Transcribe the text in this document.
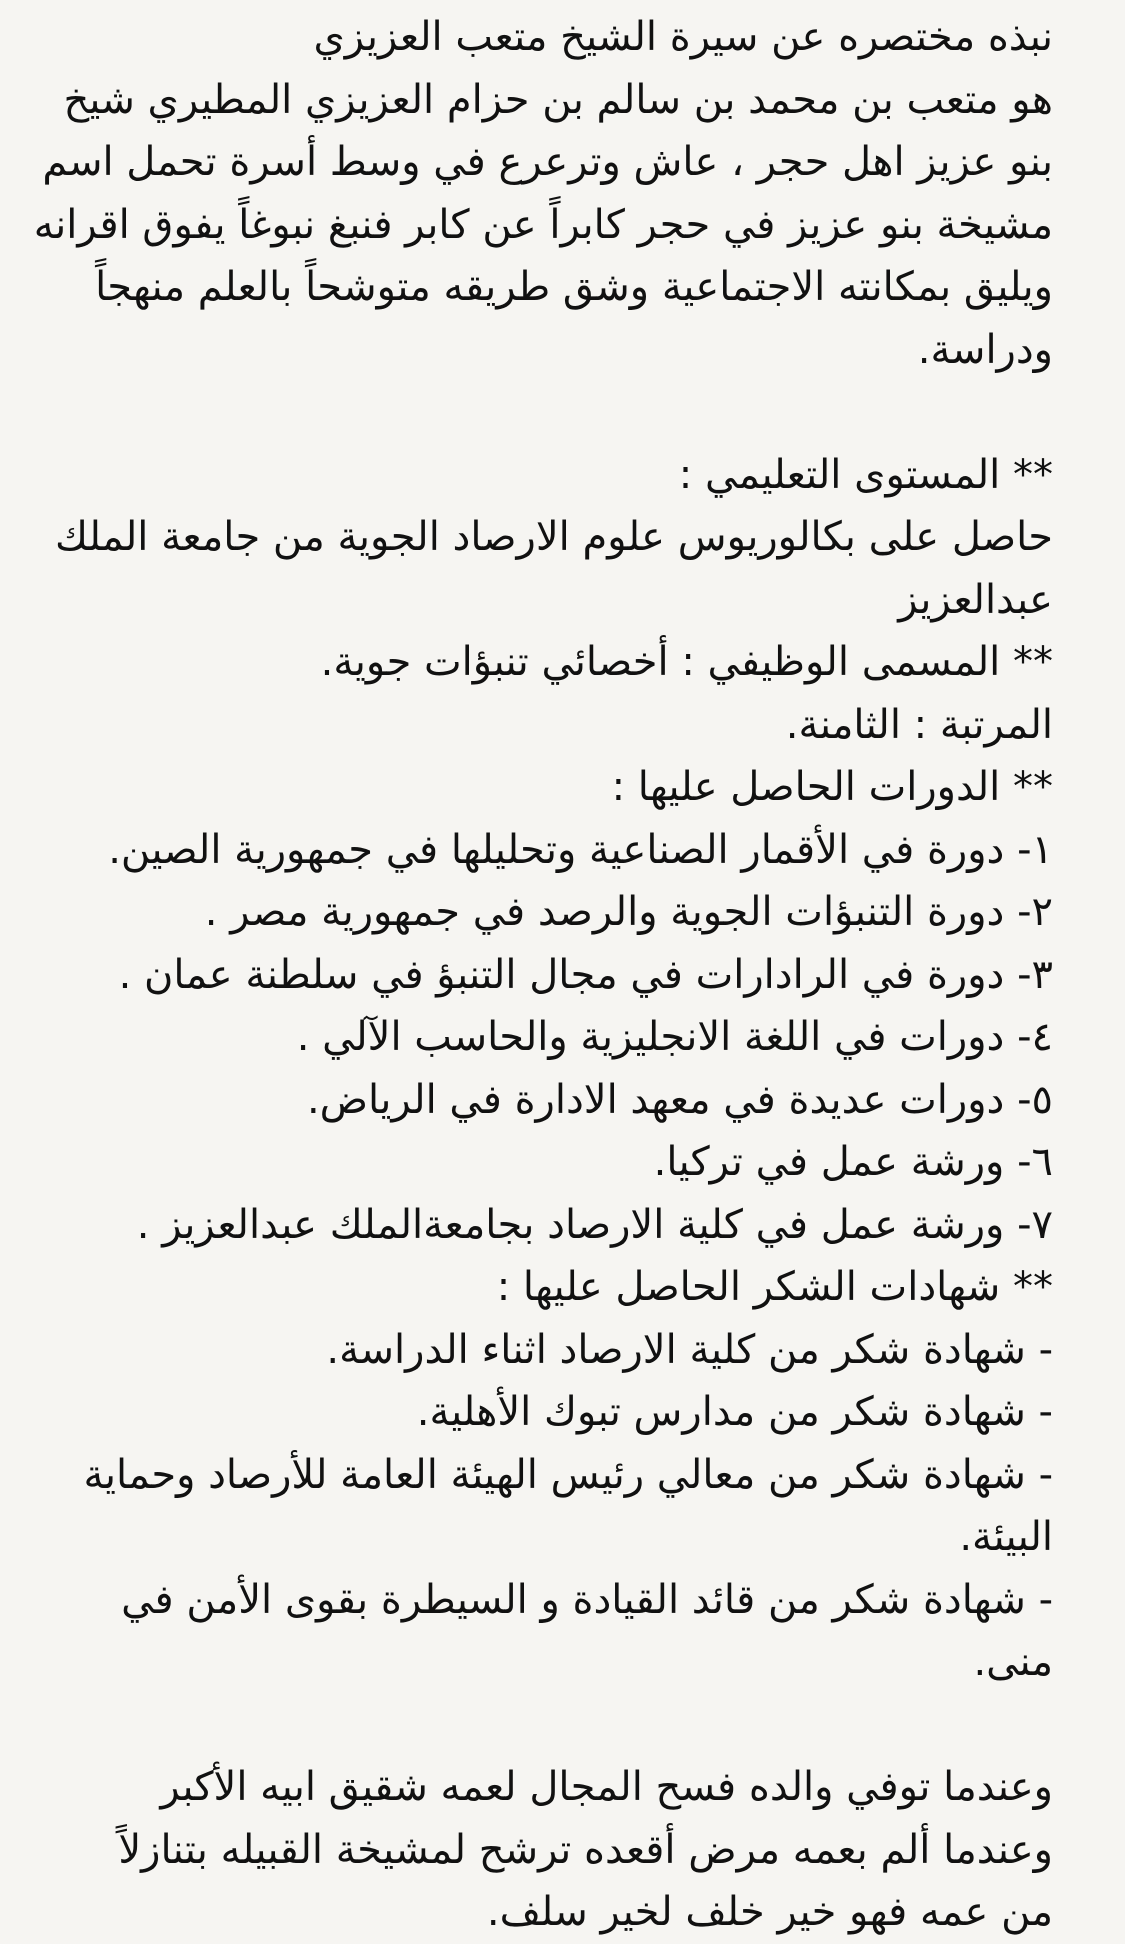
نبذه مختصره عن سيرة الشيخ متعب العزيزي
هو متعب بن محمد بن سالم بن حزام العزيزي المطيري شيخ
بنو عزيز اهل حجر ، عاش وترعرع في وسط أسرة تحمل اسم
مشيخة بنو عزيز في حجر كابراً عن كابر فنبغ نبوغاً يفوق اقرانه
ويليق بمكانته الاجتماعية وشق طريقه متوشحاً بالعلم منهجاً
ودراسة.
** المستوى التعليمي :
حاصل على بكالوريوس علوم الارصاد الجوية من جامعة الملك
عبدالعزيز
** المسمى الوظيفي : أخصائي تنبؤات جوية.
المرتبة : الثامنة.
** الدورات الحاصل عليها :
١- دورة في الأقمار الصناعية وتحليلها في جمهورية الصين.
٢- دورة التنبؤات الجوية والرصد في جمهورية مصر .
٣- دورة في الرادارات في مجال التنبؤ في سلطنة عمان .
٤- دورات في اللغة الانجليزية والحاسب الآلي .
٥- دورات عديدة في معهد الادارة في الرياض.
٦- ورشة عمل في تركيا.
٧- ورشة عمل في كلية الارصاد بجامعةالملك عبدالعزيز .
** شهادات الشكر الحاصل عليها :
- شهادة شكر من كلية الارصاد اثناء الدراسة.
- شهادة شكر من مدارس تبوك الأهلية.
- شهادة شكر من معالي رئيس الهيئة العامة للأرصاد وحماية
البيئة.
- شهادة شكر من قائد القيادة و السيطرة بقوى الأمن في
منى.
وعندما توفي والده فسح المجال لعمه شقيق ابيه الأكبر
وعندما ألم بعمه مرض أقعده ترشح لمشيخة القبيله بتنازلاً
من عمه فهو خير خلف لخير سلف.
